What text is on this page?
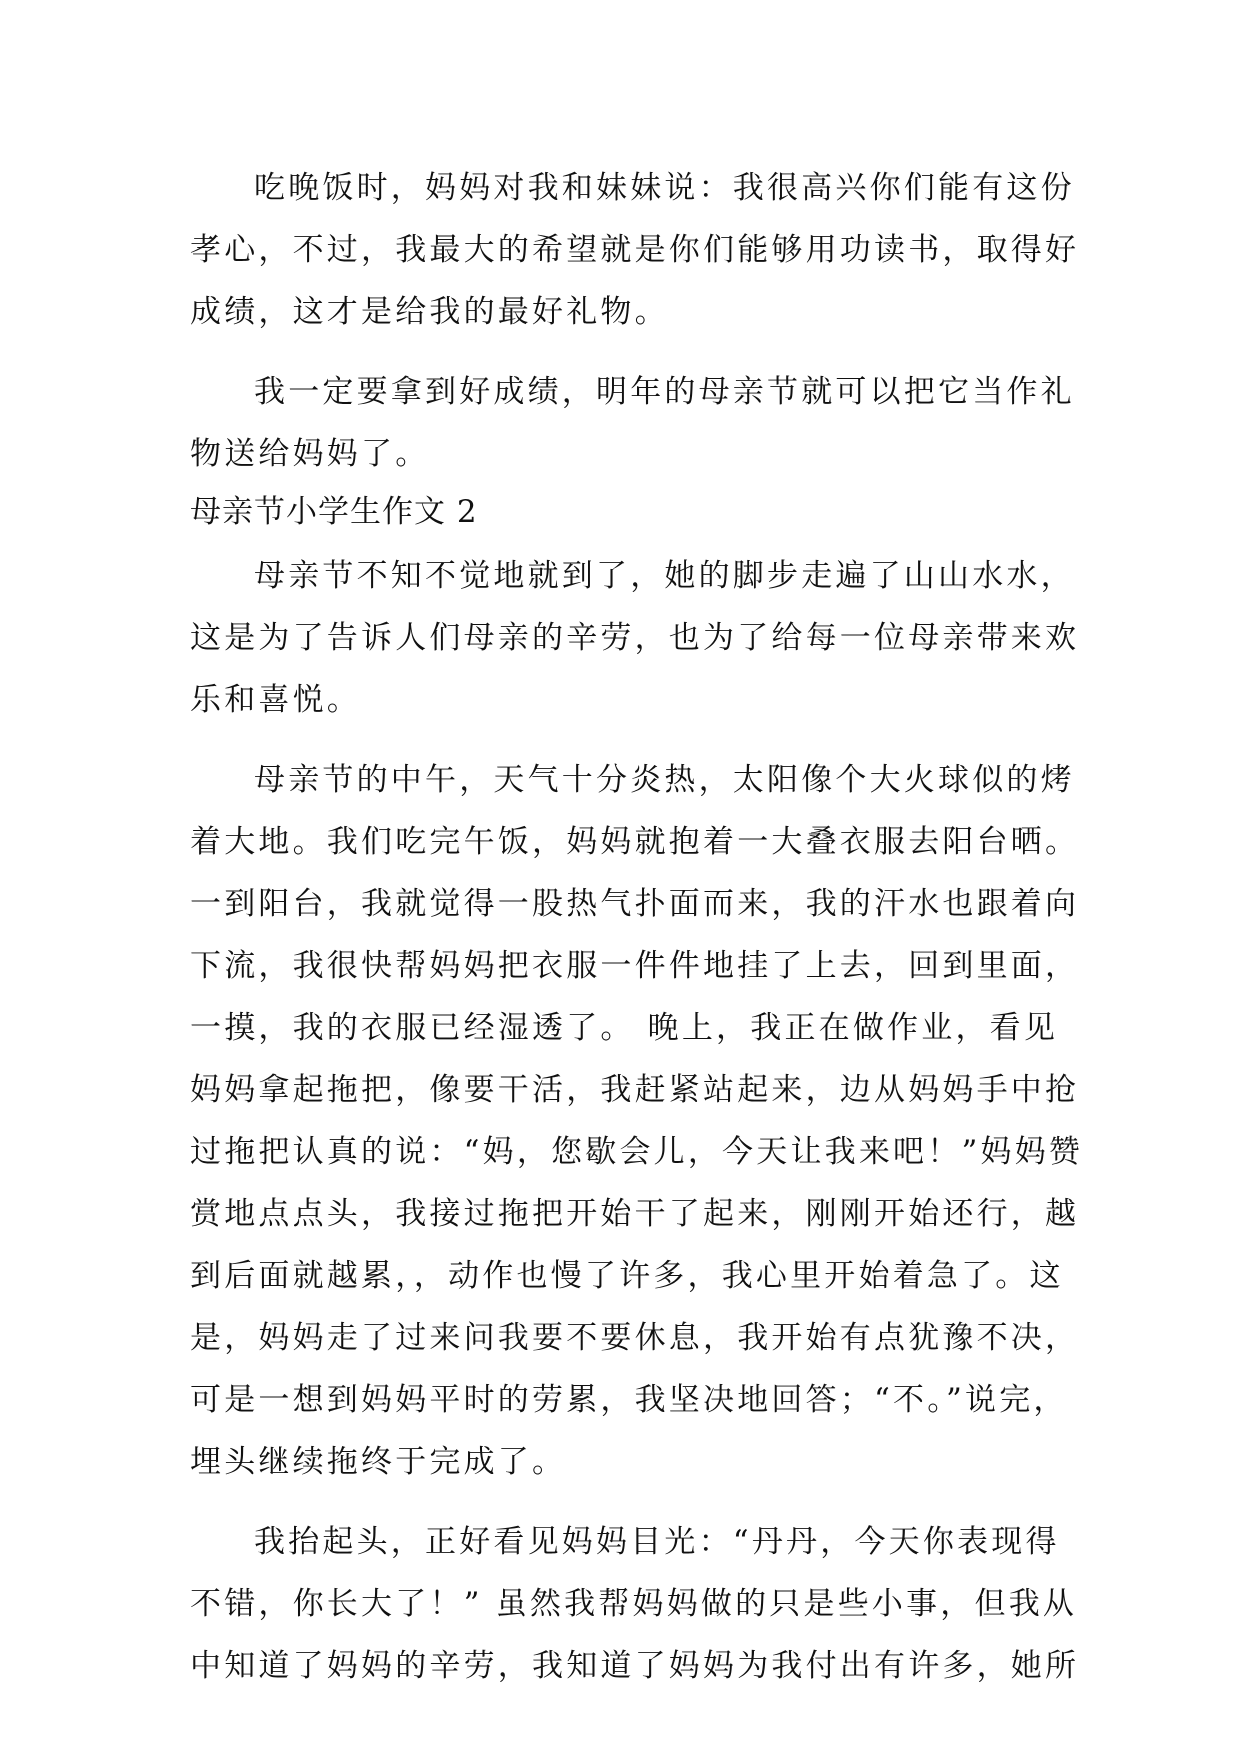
吃晚饭时，妈妈对我和妹妹说：我很高兴你们能有这份
孝心，不过，我最大的希望就是你们能够用功读书，取得好
成绩，这才是给我的最好礼物。
我一定要拿到好成绩，明年的母亲节就可以把它当作礼
物送给妈妈了。
母亲节小学生作文 2
母亲节不知不觉地就到了，她的脚步走遍了山山水水，
这是为了告诉人们母亲的辛劳，也为了给每一位母亲带来欢
乐和喜悦。
母亲节的中午，天气十分炎热，太阳像个大火球似的烤
着大地。我们吃完午饭，妈妈就抱着一大叠衣服去阳台晒。
一到阳台，我就觉得一股热气扑面而来，我的汗水也跟着向
下流，我很快帮妈妈把衣服一件件地挂了上去，回到里面，
一摸，我的衣服已经湿透了。 晚上，我正在做作业，看见
妈妈拿起拖把，像要干活，我赶紧站起来，边从妈妈手中抢
过拖把认真的说：“妈，您歇会儿，今天让我来吧！”妈妈赞
赏地点点头，我接过拖把开始干了起来，刚刚开始还行，越
到后面就越累，，动作也慢了许多，我心里开始着急了。这
是，妈妈走了过来问我要不要休息，我开始有点犹豫不决，
可是一想到妈妈平时的劳累，我坚决地回答；“不。”说完，
埋头继续拖终于完成了。
我抬起头，正好看见妈妈目光：“丹丹，今天你表现得
不错，你长大了！” 虽然我帮妈妈做的只是些小事，但我从
中知道了妈妈的辛劳，我知道了妈妈为我付出有许多，她所
